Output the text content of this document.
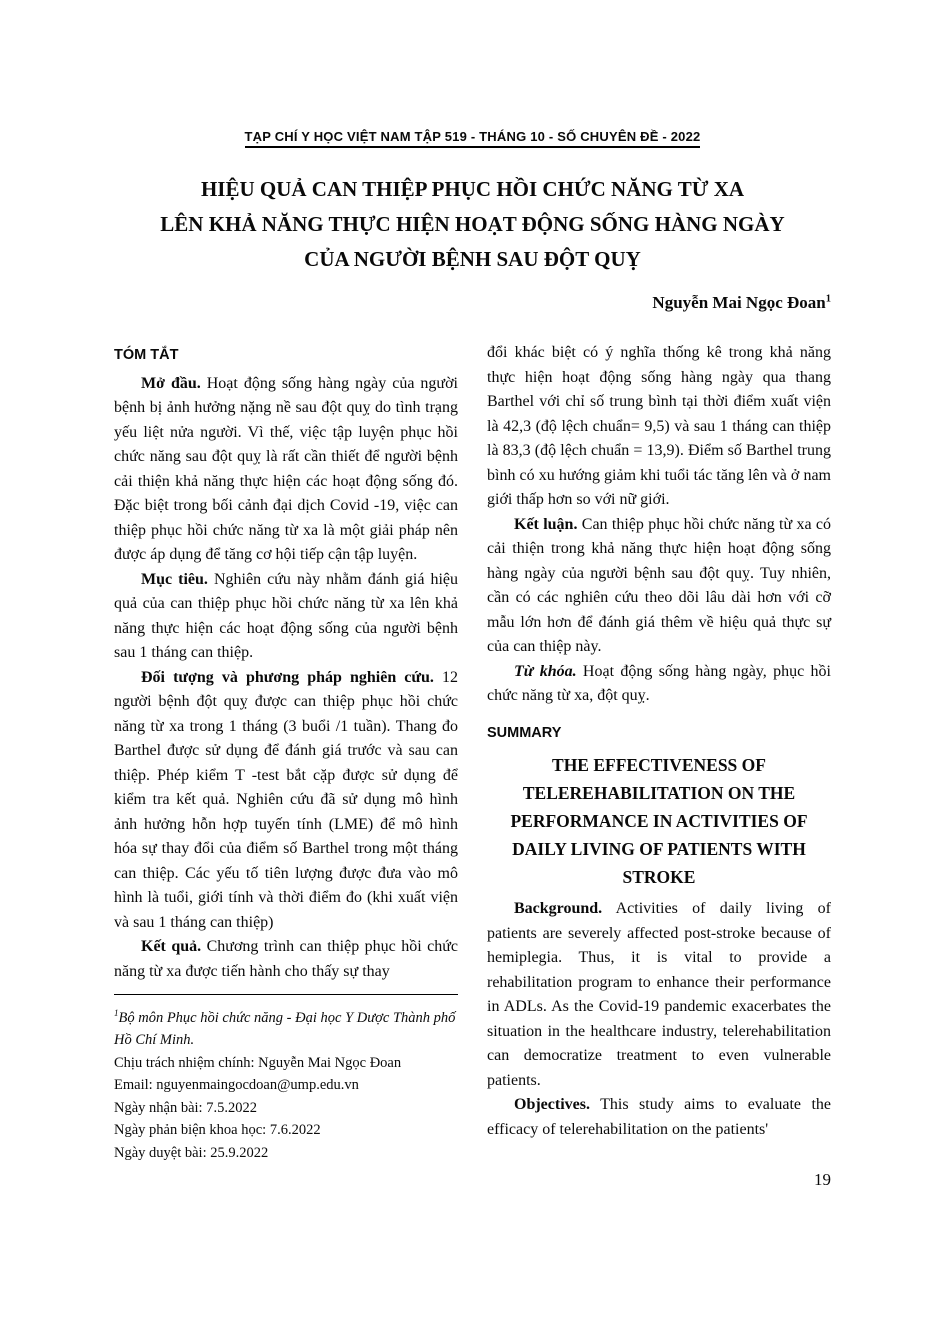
TẠP CHÍ Y HỌC VIỆT NAM TẬP 519 - THÁNG 10 - SỐ CHUYÊN ĐỀ - 2022
HIỆU QUẢ CAN THIỆP PHỤC HỒI CHỨC NĂNG TỪ XA
LÊN KHẢ NĂNG THỰC HIỆN HOẠT ĐỘNG SỐNG HÀNG NGÀY
CỦA NGƯỜI BỆNH SAU ĐỘT QUỴ
Nguyễn Mai Ngọc Đoan$^1$
TÓM TẮT

Mở đầu. Hoạt động sống hàng ngày của người bệnh bị ảnh hưởng nặng nề sau đột quỵ do tình trạng yếu liệt nửa người. Vì thế, việc tập luyện phục hồi chức năng sau đột quỵ là rất cần thiết để người bệnh cải thiện khả năng thực hiện các hoạt động sống đó. Đặc biệt trong bối cảnh đại dịch Covid -19, việc can thiệp phục hồi chức năng từ xa là một giải pháp nên được áp dụng để tăng cơ hội tiếp cận tập luyện.

Mục tiêu. Nghiên cứu này nhằm đánh giá hiệu quả của can thiệp phục hồi chức năng từ xa lên khả năng thực hiện các hoạt động sống của người bệnh sau 1 tháng can thiệp.

Đối tượng và phương pháp nghiên cứu. 12 người bệnh đột quỵ được can thiệp phục hồi chức năng từ xa trong 1 tháng (3 buổi /1 tuần). Thang đo Barthel được sử dụng để đánh giá trước và sau can thiệp. Phép kiểm T -test bắt cặp được sử dụng để kiểm tra kết quả. Nghiên cứu đã sử dụng mô hình ảnh hưởng hỗn hợp tuyến tính (LME) để mô hình hóa sự thay đổi của điểm số Barthel trong một tháng can thiệp. Các yếu tố tiên lượng được đưa vào mô hình là tuổi, giới tính và thời điểm đo (khi xuất viện và sau 1 tháng can thiệp)

Kết quả. Chương trình can thiệp phục hồi chức năng từ xa được tiến hành cho thấy sự thay

$^1$Bộ môn Phục hồi chức năng - Đại học Y Dược Thành phố Hồ Chí Minh.

Chịu trách nhiệm chính: Nguyễn Mai Ngọc Đoan

Email: nguyenmaingocdoan@ump.edu.vn

Ngày nhận bài: 7.5.2022

Ngày phản biện khoa học: 7.6.2022

Ngày duyệt bài: 25.9.2022

đổi khác biệt có ý nghĩa thống kê trong khả năng thực hiện hoạt động sống hàng ngày qua thang Barthel với chỉ số trung bình tại thời điểm xuất viện là 42,3 (độ lệch chuẩn= 9,5) và sau 1 tháng can thiệp là 83,3 (độ lệch chuẩn = 13,9). Điểm số Barthel trung bình có xu hướng giảm khi tuổi tác tăng lên và ở nam giới thấp hơn so với nữ giới.

Kết luận. Can thiệp phục hồi chức năng từ xa có cải thiện trong khả năng thực hiện hoạt động sống hàng ngày của người bệnh sau đột quỵ. Tuy nhiên, cần có các nghiên cứu theo dõi lâu dài hơn với cỡ mẫu lớn hơn để đánh giá thêm về hiệu quả thực sự của can thiệp này.

Từ khóa. Hoạt động sống hàng ngày, phục hồi chức năng từ xa, đột quỵ.

SUMMARY
THE EFFECTIVENESS OF TELEREHABILITATION ON THE PERFORMANCE IN ACTIVITIES OF DAILY LIVING OF PATIENTS WITH STROKE

Background. Activities of daily living of patients are severely affected post-stroke because of hemiplegia. Thus, it is vital to provide a rehabilitation program to enhance their performance in ADLs. As the Covid-19 pandemic exacerbates the situation in the healthcare industry, telerehabilitation can democratize treatment to even vulnerable patients.

Objectives. This study aims to evaluate the efficacy of telerehabilitation on the patients'

19
